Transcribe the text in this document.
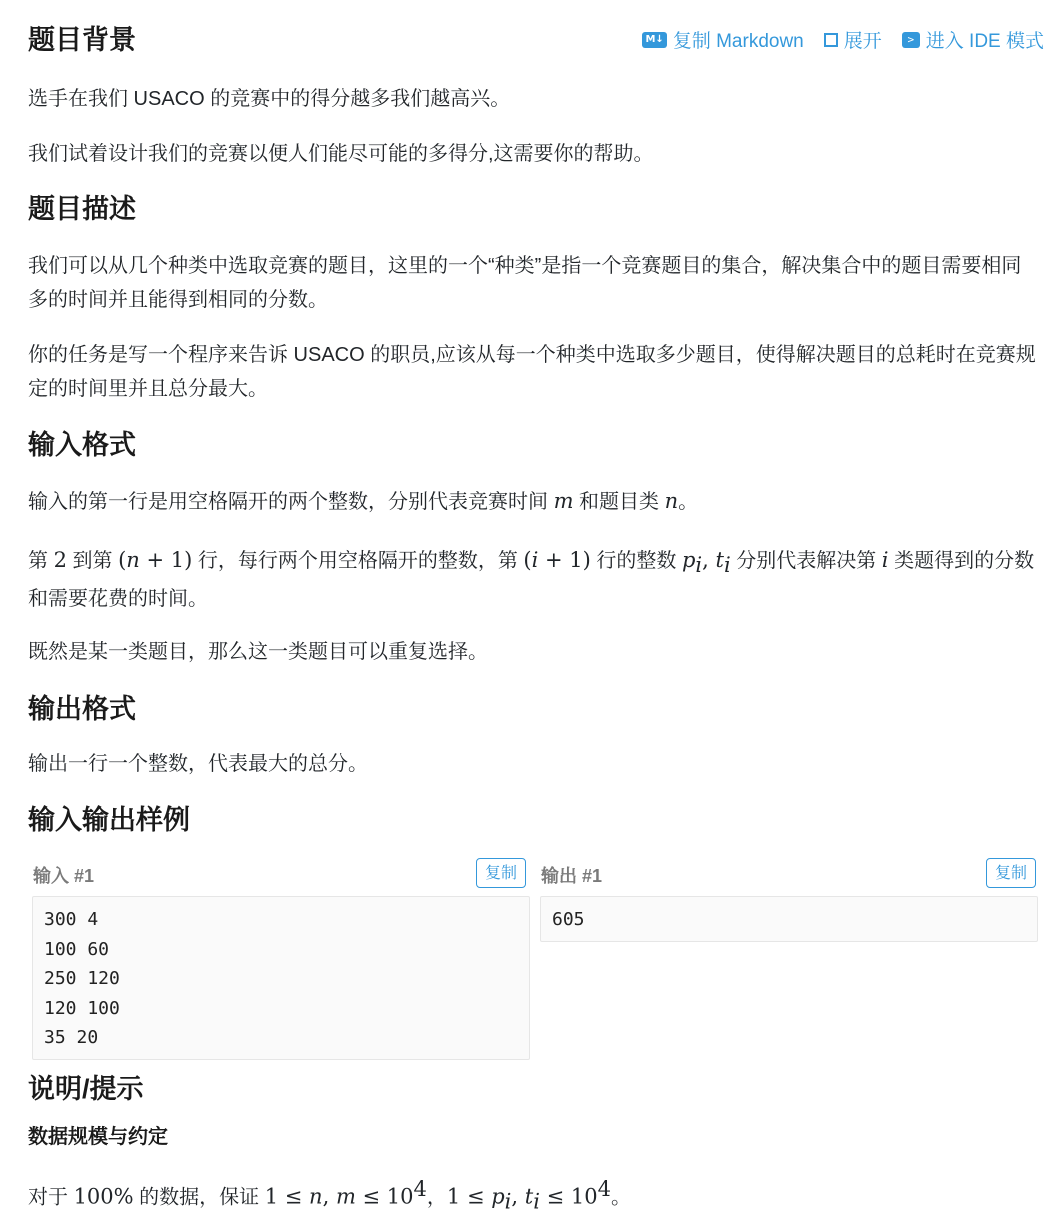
M↓ 复制 Markdown 展开	> 进入 IDE 模式
题目背景

选手在我们 USACO 的竞赛中的得分越多我们越高兴。

我们试着设计我们的竞赛以便人们能尽可能的多得分,这需要你的帮助。

题目描述

我们可以从几个种类中选取竞赛的题目，这里的一个“种类”是指一个竞赛题目的集合，解决集合中的题目需要相同多的时间并且能得到相同的分数。

你的任务是写一个程序来告诉 USACO 的职员,应该从每一个种类中选取多少题目，使得解决题目的总耗时在竞赛规定的时间里并且总分最大。

输入格式

输入的第一行是用空格隔开的两个整数，分别代表竞赛时间 m 和题目类 n。

第 2 到第 (n + 1) 行，每行两个用空格隔开的整数，第 (i + 1) 行的整数 $p_i$, $t_i$ 分别代表解决第 i 类题得到的分数和需要花费的时间。

既然是某一类题目，那么这一类题目可以重复选择。

输出格式

输出一行一个整数，代表最大的总分。

输入输出样例
输入 #1	复制
300 4
100 60
250 120
120 100
35 20
输出 #1	复制
605
说明/提示
数据规模与约定

对于 100% 的数据，保证 1 ≤ n, $m \le 10^4$，$1 \le p_i$, $t_i \le 10^4$。
